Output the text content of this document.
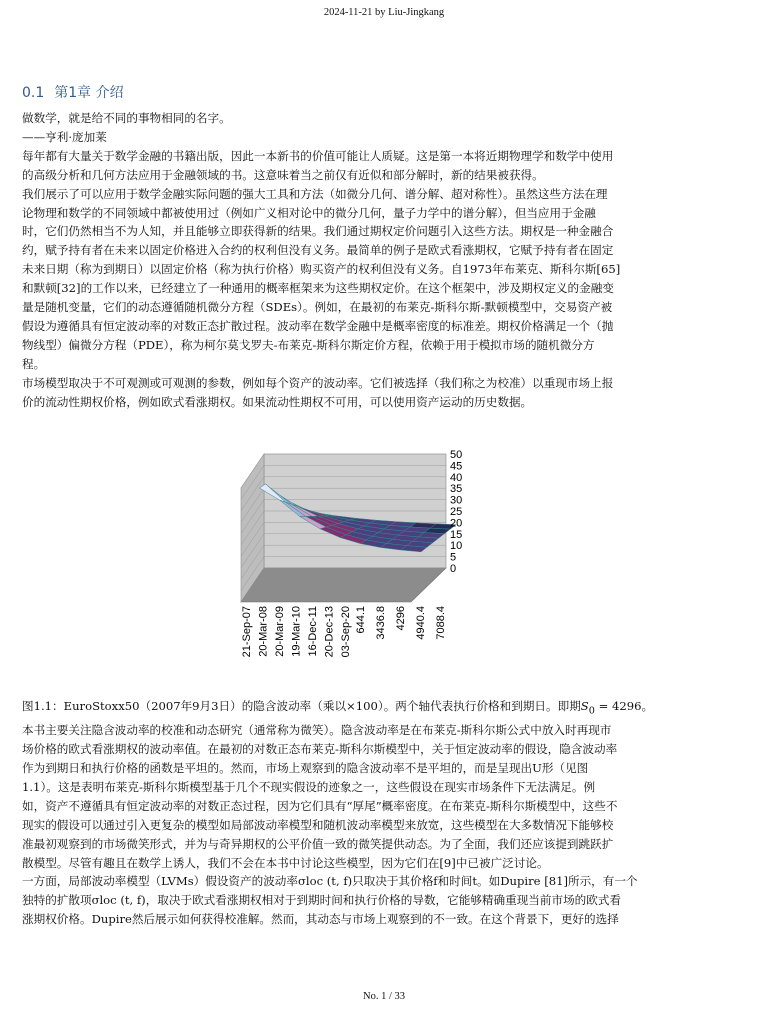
2024-11-21 by Liu-Jingkang
0.1 第1章 介绍
做数学，就是给不同的事物相同的名字。
——亨利·庞加莱
每年都有大量关于数学金融的书籍出版，因此一本新书的价值可能让人质疑。这是第一本将近期物理学和数学中使用
的高级分析和几何方法应用于金融领域的书。这意味着当之前仅有近似和部分解时，新的结果被获得。
我们展示了可以应用于数学金融实际问题的强大工具和方法（如微分几何、谱分解、超对称性）。虽然这些方法在理
论物理和数学的不同领域中都被使用过（例如广义相对论中的微分几何，量子力学中的谱分解），但当应用于金融
时，它们仍然相当不为人知，并且能够立即获得新的结果。我们通过期权定价问题引入这些方法。期权是一种金融合
约，赋予持有者在未来以固定价格进入合约的权利但没有义务。最简单的例子是欧式看涨期权，它赋予持有者在固定
未来日期（称为到期日）以固定价格（称为执行价格）购买资产的权利但没有义务。自1973年布莱克、斯科尔斯[65]
和默顿[32]的工作以来，已经建立了一种通用的概率框架来为这些期权定价。在这个框架中，涉及期权定义的金融变
量是随机变量，它们的动态遵循随机微分方程（SDEs）。例如，在最初的布莱克-斯科尔斯-默顿模型中，交易资产被
假设为遵循具有恒定波动率的对数正态扩散过程。波动率在数学金融中是概率密度的标准差。期权价格满足一个（抛
物线型）偏微分方程（PDE），称为柯尔莫戈罗夫-布莱克-斯科尔斯定价方程，依赖于用于模拟市场的随机微分方
程。
市场模型取决于不可观测或可观测的参数，例如每个资产的波动率。它们被选择（我们称之为校准）以重现市场上报
价的流动性期权价格，例如欧式看涨期权。如果流动性期权不可用，可以使用资产运动的历史数据。
50
45
40
35
30
25
20
15
10
5
0
21-Sep-07 20-Mar-08 20-Mar-09 19-Mar-10 16-Dec-11 20-Dec-13 03-Sep-20 644.1 3436.8 4296 4940.4 7088.4
图1.1：EuroStoxx50（2007年9月3日）的隐含波动率（乘以×100）。两个轴代表执行价格和到期日。即期$S_0 = 4296$。
本书主要关注隐含波动率的校准和动态研究（通常称为微笑）。隐含波动率是在布莱克-斯科尔斯公式中放入时再现市
场价格的欧式看涨期权的波动率值。在最初的对数正态布莱克-斯科尔斯模型中，关于恒定波动率的假设，隐含波动率
作为到期日和执行价格的函数是平坦的。然而，市场上观察到的隐含波动率不是平坦的，而是呈现出U形（见图
1.1）。这是表明布莱克-斯科尔斯模型基于几个不现实假设的迹象之一，这些假设在现实市场条件下无法满足。例
如，资产不遵循具有恒定波动率的对数正态过程，因为它们具有“厚尾”概率密度。在布莱克-斯科尔斯模型中，这些不
现实的假设可以通过引入更复杂的模型如局部波动率模型和随机波动率模型来放宽，这些模型在大多数情况下能够校
准最初观察到的市场微笑形式，并为与奇异期权的公平价值一致的微笑提供动态。为了全面，我们还应该提到跳跃扩
散模型。尽管有趣且在数学上诱人，我们不会在本书中讨论这些模型，因为它们在[9]中已被广泛讨论。
一方面，局部波动率模型（LVMs）假设资产的波动率σloc (t, f)只取决于其价格f和时间t。如Dupire [81]所示，有一个
独特的扩散项σloc (t, f)，取决于欧式看涨期权相对于到期时间和执行价格的导数，它能够精确重现当前市场的欧式看
涨期权价格。Dupire然后展示如何获得校准解。然而，其动态与市场上观察到的不一致。在这个背景下，更好的选择
No. 1 / 33
